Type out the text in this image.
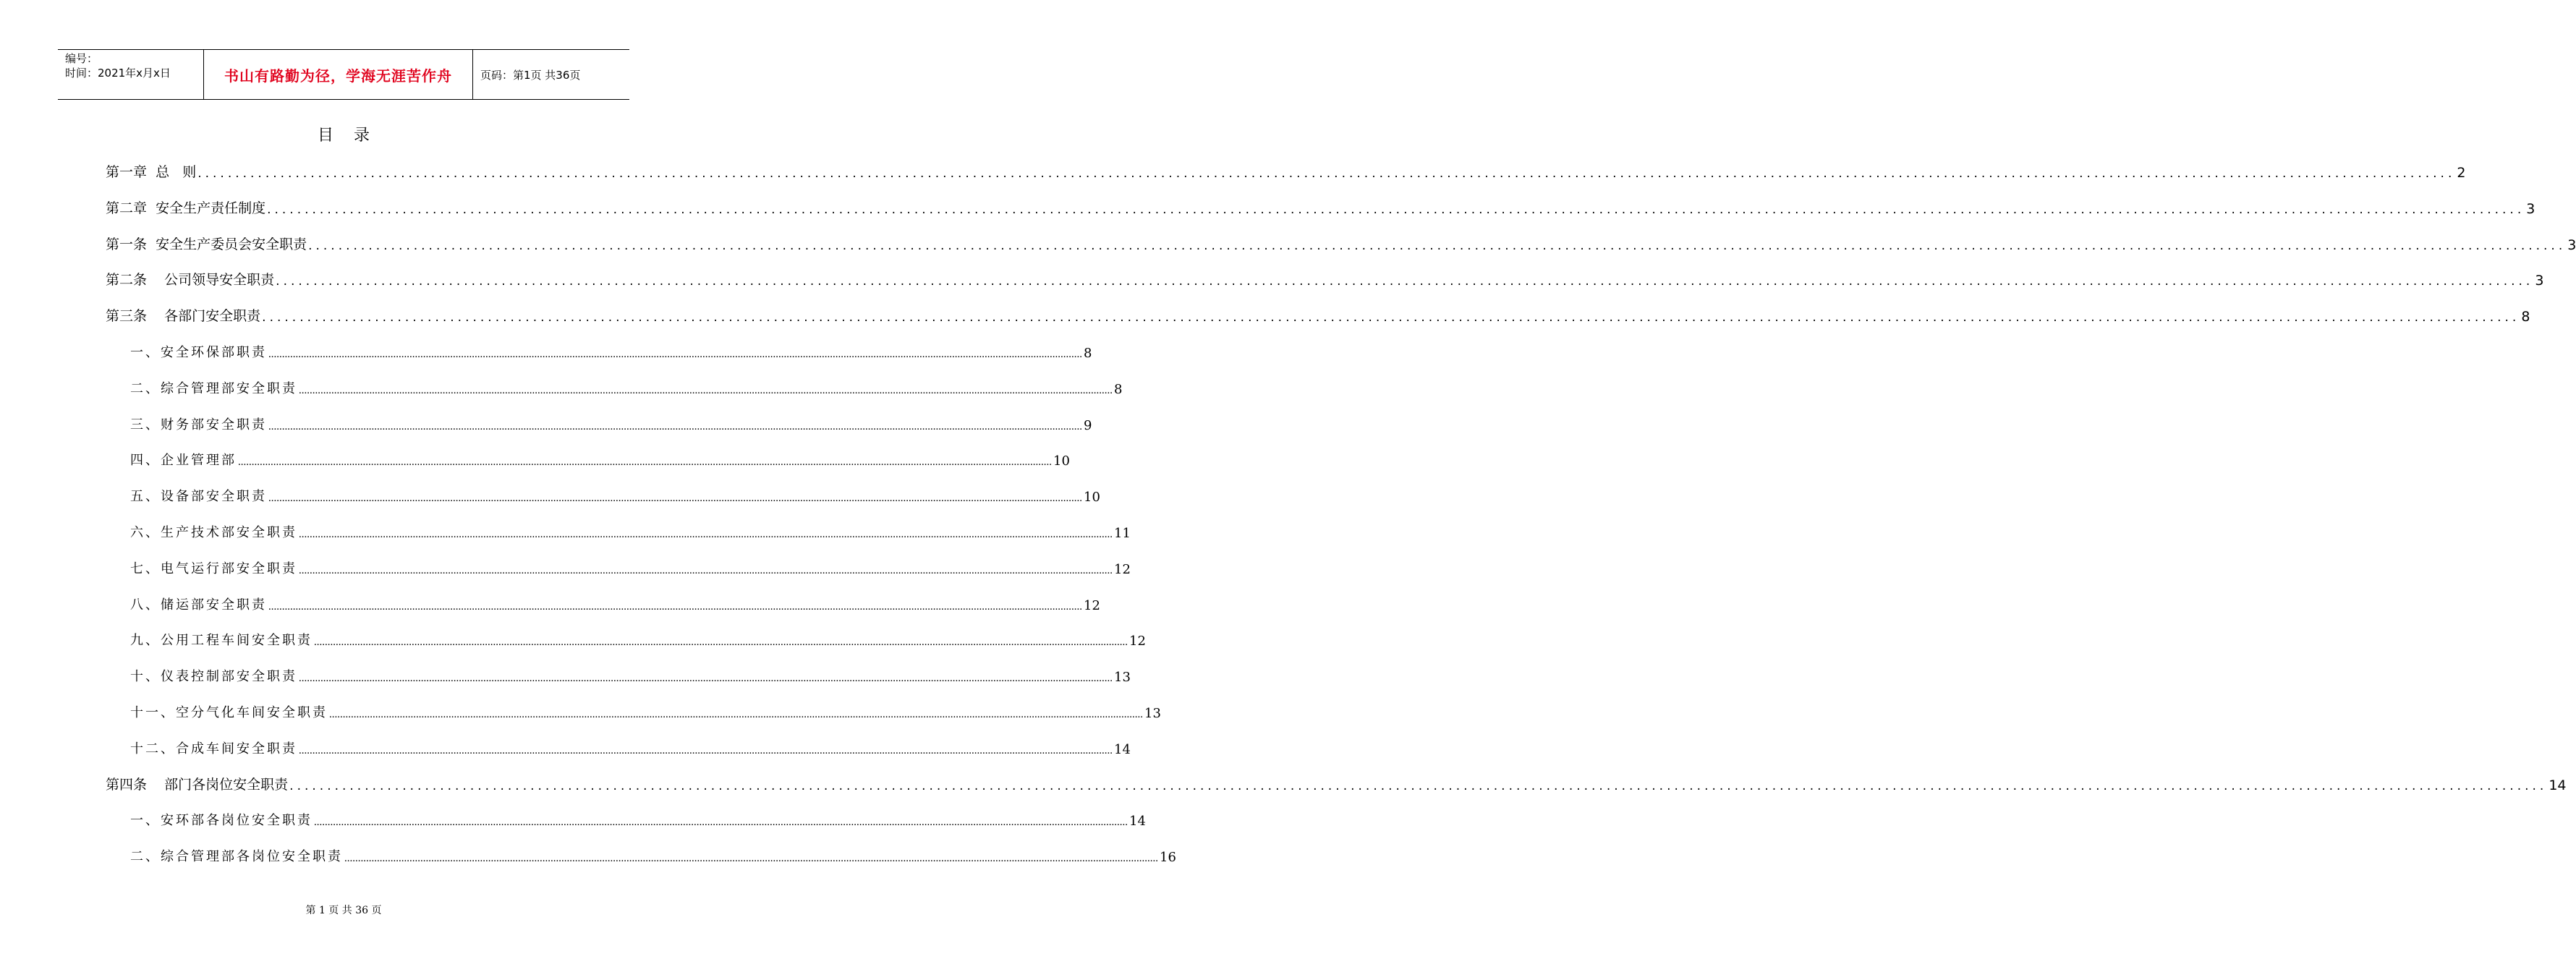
编号：
时间：2021年x月x日	书山有路勤为径，学海无涯苦作舟	页码：第1页 共36页
目录
第一章  总   则 ............................................................................................................................................................................................................................................................................................................ 2
第二章  安全生产责任制度 ............................................................................................................................................................................................................................................................................................................ 3
第一条  安全生产委员会安全职责 ............................................................................................................................................................................................................................................................................................................ 3
第二条    公司领导安全职责 ............................................................................................................................................................................................................................................................................................................ 3
第三条    各部门安全职责 ............................................................................................................................................................................................................................................................................................................ 8
一、安全环保部职责 ............................................................................................................................................................................................................................................................................................................ 8
二、综合管理部安全职责 ............................................................................................................................................................................................................................................................................................................ 8
三、财务部安全职责 ............................................................................................................................................................................................................................................................................................................ 9
四、企业管理部 ............................................................................................................................................................................................................................................................................................................ 10
五、设备部安全职责 ............................................................................................................................................................................................................................................................................................................ 10
六、生产技术部安全职责 ............................................................................................................................................................................................................................................................................................................ 11
七、电气运行部安全职责 ............................................................................................................................................................................................................................................................................................................ 12
八、储运部安全职责 ............................................................................................................................................................................................................................................................................................................ 12
九、公用工程车间安全职责 ............................................................................................................................................................................................................................................................................................................ 12
十、仪表控制部安全职责 ............................................................................................................................................................................................................................................................................................................ 13
十一、空分气化车间安全职责 ............................................................................................................................................................................................................................................................................................................ 13
十二、合成车间安全职责 ............................................................................................................................................................................................................................................................................................................ 14
第四条    部门各岗位安全职责 ............................................................................................................................................................................................................................................................................................................ 14
一、安环部各岗位安全职责 ............................................................................................................................................................................................................................................................................................................ 14
二、综合管理部各岗位安全职责 ............................................................................................................................................................................................................................................................................................................ 16
第 1 页 共 36 页
